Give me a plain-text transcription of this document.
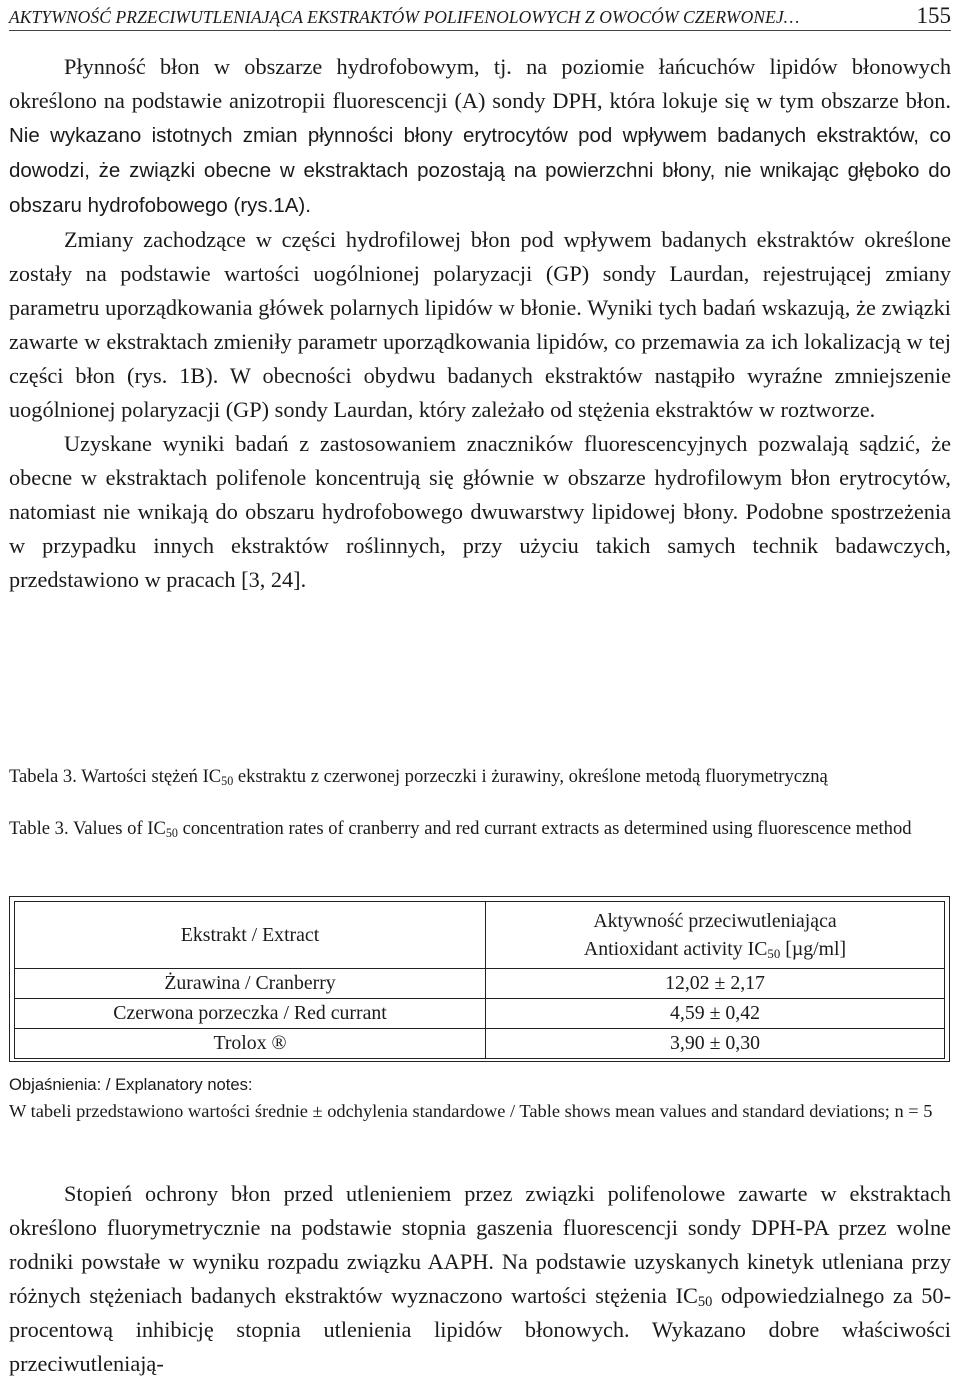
AKTYWNOŚĆ PRZECIWUTLENIAJĄCA EKSTRAKTÓW POLIFENOLOWYCH Z OWOCÓW CZERWONEJ…	155

Płynność błon w obszarze hydrofobowym, tj. na poziomie łańcuchów lipidów błonowych określono na podstawie anizotropii fluorescencji (A) sondy DPH, która lokuje się w tym obszarze błon. Nie wykazano istotnych zmian płynności błony erytrocytów pod wpływem badanych ekstraktów, co dowodzi, że związki obecne w ekstraktach pozostają na powierzchni błony, nie wnikając głęboko do obszaru hydrofobowego (rys.1A).

Zmiany zachodzące w części hydrofilowej błon pod wpływem badanych ekstraktów określone zostały na podstawie wartości uogólnionej polaryzacji (GP) sondy Laurdan, rejestrującej zmiany parametru uporządkowania główek polarnych lipidów w błonie. Wyniki tych badań wskazują, że związki zawarte w ekstraktach zmieniły parametr uporządkowania lipidów, co przemawia za ich lokalizacją w tej części błon (rys. 1B). W obecności obydwu badanych ekstraktów nastąpiło wyraźne zmniejszenie uogólnionej polaryzacji (GP) sondy Laurdan, który zależało od stężenia ekstraktów w roztworze.

Uzyskane wyniki badań z zastosowaniem znaczników fluorescencyjnych pozwalają sądzić, że obecne w ekstraktach polifenole koncentrują się głównie w obszarze hydrofilowym błon erytrocytów, natomiast nie wnikają do obszaru hydrofobowego dwuwarstwy lipidowej błony. Podobne spostrzeżenia w przypadku innych ekstraktów roślinnych, przy użyciu takich samych technik badawczych, przedstawiono w pracach [3, 24].

Tabela 3. Wartości stężeń $IC_{50}$ ekstraktu z czerwonej porzeczki i żurawiny, określone metodą fluorymetryczną
Table 3. Values of $IC_{50}$ concentration rates of cranberry and red currant extracts as determined using fluorescence method
Ekstrakt / Extract	Aktywność przeciwutleniająca
Antioxidant activity $IC_{50}$ [µg/ml]
Żurawina / Cranberry	12,02 ± 2,17
Czerwona porzeczka / Red currant	4,59 ± 0,42
Trolox ®	3,90 ± 0,30
Objaśnienia: / Explanatory notes:
W tabeli przedstawiono wartości średnie ± odchylenia standardowe / Table shows mean values and standard deviations; n = 5

Stopień ochrony błon przed utlenieniem przez związki polifenolowe zawarte w ekstraktach określono fluorymetrycznie na podstawie stopnia gaszenia fluorescencji sondy DPH-PA przez wolne rodniki powstałe w wyniku rozpadu związku AAPH. Na podstawie uzyskanych kinetyk utleniana przy różnych stężeniach badanych ekstraktów wyznaczono wartości stężenia $IC_{50}$ odpowiedzialnego za 50-procentową inhibicję stopnia utlenienia lipidów błonowych. Wykazano dobre właściwości przeciwutleniają-
